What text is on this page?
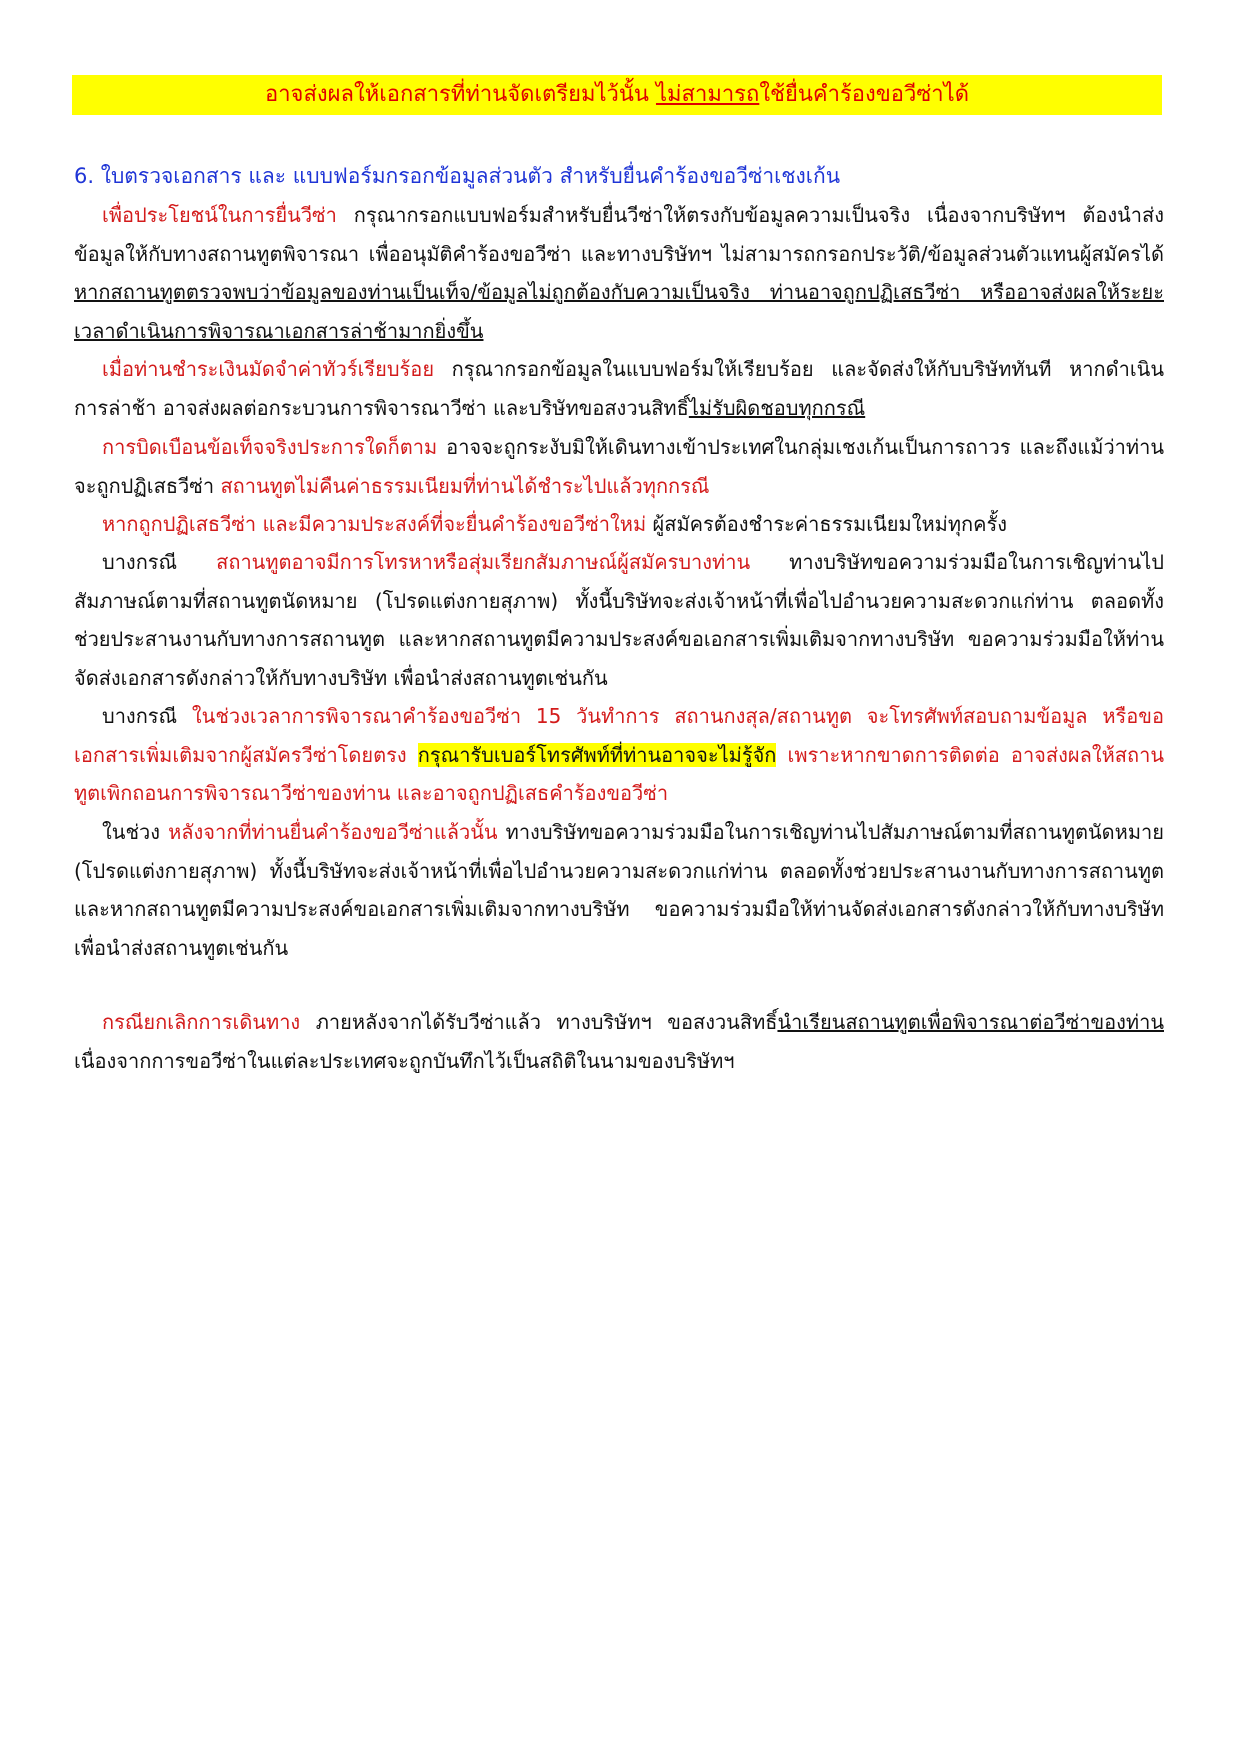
อาจส่งผลให้เอกสารที่ท่านจัดเตรียมไว้นั้น ไม่สามารถใช้ยื่นคำร้องขอวีซ่าได้
6. ใบตรวจเอกสาร และ แบบฟอร์มกรอกข้อมูลส่วนตัว สำหรับยื่นคำร้องขอวีซ่าเชงเก้น
เพื่อประโยชน์ในการยื่นวีซ่า กรุณากรอกแบบฟอร์มสำหรับยื่นวีซ่าให้ตรงกับข้อมูลความเป็นจริง เนื่องจากบริษัทฯ ต้องนำส่งข้อมูลให้กับทางสถานทูตพิจารณา เพื่ออนุมัติคำร้องขอวีซ่า และทางบริษัทฯ ไม่สามารถกรอกประวัติ/ข้อมูลส่วนตัวแทนผู้สมัครได้ หากสถานทูตตรวจพบว่าข้อมูลของท่านเป็นเท็จ/ข้อมูลไม่ถูกต้องกับความเป็นจริง ท่านอาจถูกปฏิเสธวีซ่า หรืออาจส่งผลให้ระยะเวลาดำเนินการพิจารณาเอกสารล่าช้ามากยิ่งขึ้น
เมื่อท่านชำระเงินมัดจำค่าทัวร์เรียบร้อย กรุณากรอกข้อมูลในแบบฟอร์มให้เรียบร้อย และจัดส่งให้กับบริษัททันที หากดำเนินการล่าช้า อาจส่งผลต่อกระบวนการพิจารณาวีซ่า และบริษัทขอสงวนสิทธิ์ไม่รับผิดชอบทุกกรณี
การบิดเบือนข้อเท็จจริงประการใดก็ตาม อาจจะถูกระงับมิให้เดินทางเข้าประเทศในกลุ่มเชงเก้นเป็นการถาวร และถึงแม้ว่าท่านจะถูกปฏิเสธวีซ่า สถานทูตไม่คืนค่าธรรมเนียมที่ท่านได้ชำระไปแล้วทุกกรณี
หากถูกปฏิเสธวีซ่า และมีความประสงค์ที่จะยื่นคำร้องขอวีซ่าใหม่ ผู้สมัครต้องชำระค่าธรรมเนียมใหม่ทุกครั้ง
บางกรณี สถานทูตอาจมีการโทรหาหรือสุ่มเรียกสัมภาษณ์ผู้สมัครบางท่าน ทางบริษัทขอความร่วมมือในการเชิญท่านไปสัมภาษณ์ตามที่สถานทูตนัดหมาย (โปรดแต่งกายสุภาพ) ทั้งนี้บริษัทจะส่งเจ้าหน้าที่เพื่อไปอำนวยความสะดวกแก่ท่าน ตลอดทั้งช่วยประสานงานกับทางการสถานทูต และหากสถานทูตมีความประสงค์ขอเอกสารเพิ่มเติมจากทางบริษัท ขอความร่วมมือให้ท่านจัดส่งเอกสารดังกล่าวให้กับทางบริษัท เพื่อนำส่งสถานทูตเช่นกัน
บางกรณี ในช่วงเวลาการพิจารณาคำร้องขอวีซ่า 15 วันทำการ สถานกงสุล/สถานทูต จะโทรศัพท์สอบถามข้อมูล หรือขอเอกสารเพิ่มเติมจากผู้สมัครวีซ่าโดยตรง กรุณารับเบอร์โทรศัพท์ที่ท่านอาจจะไม่รู้จัก เพราะหากขาดการติดต่อ อาจส่งผลให้สถานทูตเพิกถอนการพิจารณาวีซ่าของท่าน และอาจถูกปฏิเสธคำร้องขอวีซ่า
ในช่วง หลังจากที่ท่านยื่นคำร้องขอวีซ่าแล้วนั้น ทางบริษัทขอความร่วมมือในการเชิญท่านไปสัมภาษณ์ตามที่สถานทูตนัดหมาย (โปรดแต่งกายสุภาพ) ทั้งนี้บริษัทจะส่งเจ้าหน้าที่เพื่อไปอำนวยความสะดวกแก่ท่าน ตลอดทั้งช่วยประสานงานกับทางการสถานทูต และหากสถานทูตมีความประสงค์ขอเอกสารเพิ่มเติมจากทางบริษัท ขอความร่วมมือให้ท่านจัดส่งเอกสารดังกล่าวให้กับทางบริษัท เพื่อนำส่งสถานทูตเช่นกัน
กรณียกเลิกการเดินทาง ภายหลังจากได้รับวีซ่าแล้ว ทางบริษัทฯ ขอสงวนสิทธิ์นำเรียนสถานทูตเพื่อพิจารณาต่อวีซ่าของท่าน เนื่องจากการขอวีซ่าในแต่ละประเทศจะถูกบันทึกไว้เป็นสถิติในนามของบริษัทฯ
